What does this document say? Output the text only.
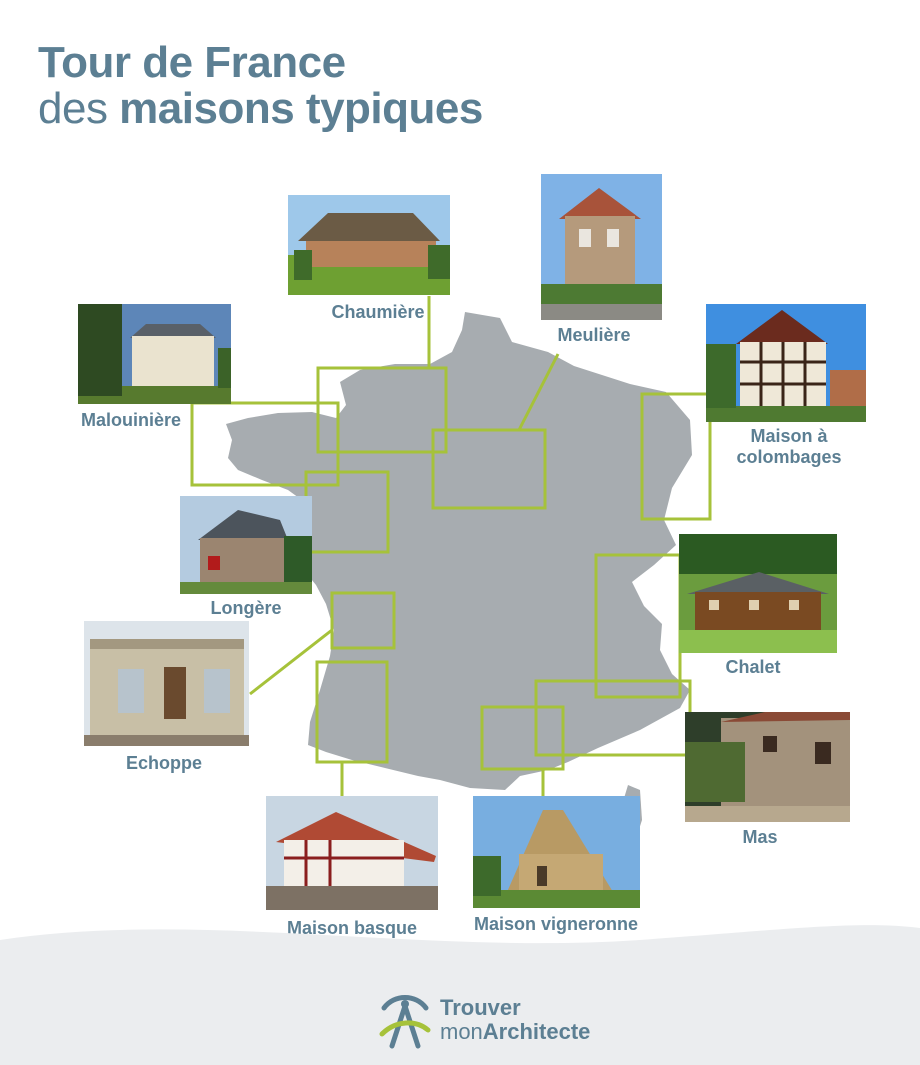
Tour de France
des maisons typiques
Chaumière
Meulière
Malouinière
Maison à
colombages
Longère
Chalet
Echoppe
Mas
Maison basque	Maison vigneronne
Trouver
monArchitecte
